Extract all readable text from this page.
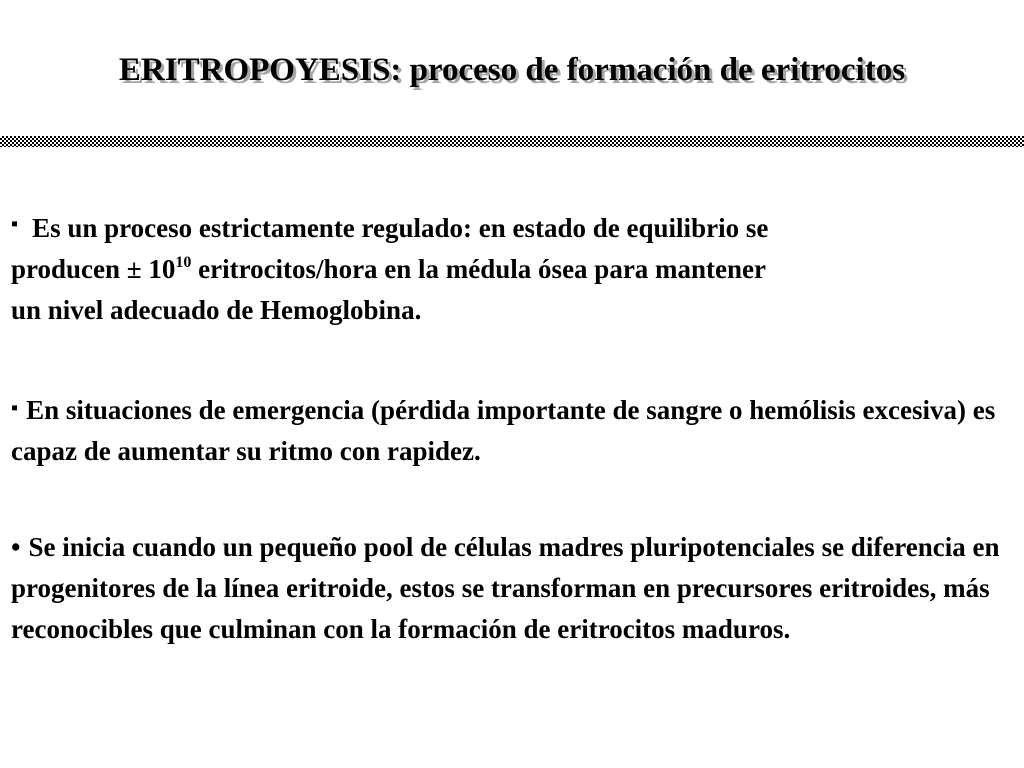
ERITROPOYESIS: proceso de formación de eritrocitos
▪ Es un proceso estrictamente regulado: en estado de equilibrio se
producen ± $10^{10}$ eritrocitos/hora en la médula ósea para mantener
un nivel adecuado de Hemoglobina.
▪ En situaciones de emergencia (pérdida importante de sangre o hemólisis excesiva) es capaz de aumentar su ritmo con rapidez.
• Se inicia cuando un pequeño pool de células madres pluripotenciales se diferencia en progenitores de la línea eritroide, estos se transforman en precursores eritroides, más reconocibles que culminan con la formación de eritrocitos maduros.
